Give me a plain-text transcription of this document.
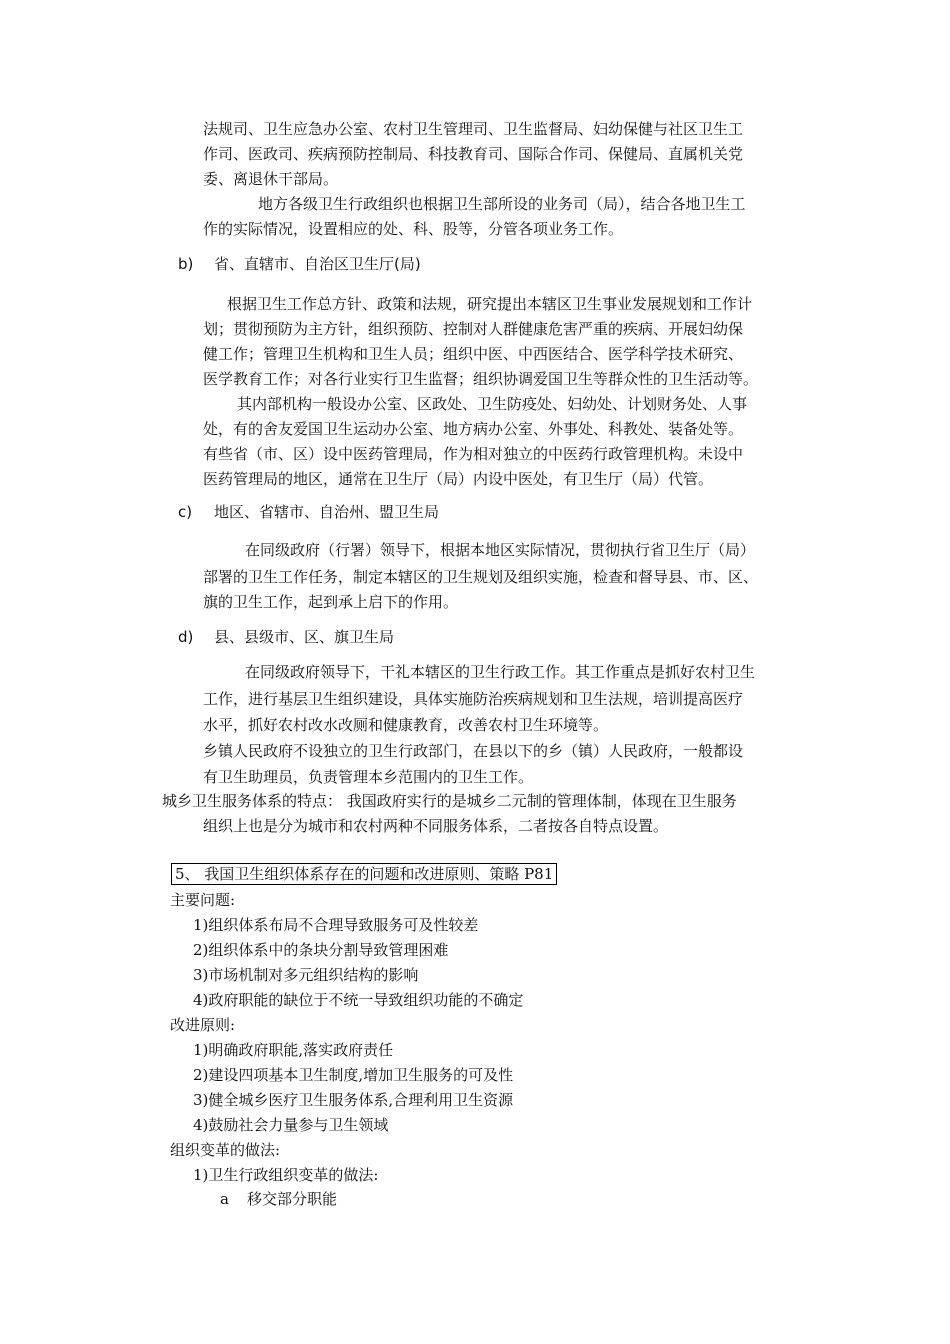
法规司、卫生应急办公室、农村卫生管理司、卫生监督局、妇幼保健与社区卫生工
作司、医政司、疾病预防控制局、科技教育司、国际合作司、保健局、直属机关党
委、离退休干部局。
地方各级卫生行政组织也根据卫生部所设的业务司（局），结合各地卫生工
作的实际情况，设置相应的处、科、股等，分管各项业务工作。
b) 省、直辖市、自治区卫生厅(局)
根据卫生工作总方针、政策和法规，研究提出本辖区卫生事业发展规划和工作计
划；贯彻预防为主方针，组织预防、控制对人群健康危害严重的疾病、开展妇幼保
健工作；管理卫生机构和卫生人员；组织中医、中西医结合、医学科学技术研究、
医学教育工作；对各行业实行卫生监督；组织协调爱国卫生等群众性的卫生活动等。
其内部机构一般设办公室、区政处、卫生防疫处、妇幼处、计划财务处、人事
处，有的舍友爱国卫生运动办公室、地方病办公室、外事处、科教处、装备处等。
有些省（市、区）设中医药管理局，作为相对独立的中医药行政管理机构。未设中
医药管理局的地区，通常在卫生厅（局）内设中医处，有卫生厅（局）代管。
c) 地区、省辖市、自治州、盟卫生局
在同级政府（行署）领导下，根据本地区实际情况，贯彻执行省卫生厅（局）
部署的卫生工作任务，制定本辖区的卫生规划及组织实施，检查和督导县、市、区、
旗的卫生工作，起到承上启下的作用。
d) 县、县级市、区、旗卫生局
在同级政府领导下，干礼本辖区的卫生行政工作。其工作重点是抓好农村卫生
工作，进行基层卫生组织建设，具体实施防治疾病规划和卫生法规，培训提高医疗
水平，抓好农村改水改厕和健康教育，改善农村卫生环境等。
乡镇人民政府不设独立的卫生行政部门，在县以下的乡（镇）人民政府，一般都设
有卫生助理员，负责管理本乡范围内的卫生工作。
城乡卫生服务体系的特点： 我国政府实行的是城乡二元制的管理体制，体现在卫生服务
组织上也是分为城市和农村两种不同服务体系，二者按各自特点设置。
5、 我国卫生组织体系存在的问题和改进原则、策略 P81
主要问题:
1)组织体系布局不合理导致服务可及性较差
2)组织体系中的条块分割导致管理困难
3)市场机制对多元组织结构的影响
4)政府职能的缺位于不统一导致组织功能的不确定
改进原则:
1)明确政府职能,落实政府责任
2)建设四项基本卫生制度,增加卫生服务的可及性
3)健全城乡医疗卫生服务体系,合理利用卫生资源
4)鼓励社会力量参与卫生领域
组织变革的做法:
1)卫生行政组织变革的做法:
a 移交部分职能
